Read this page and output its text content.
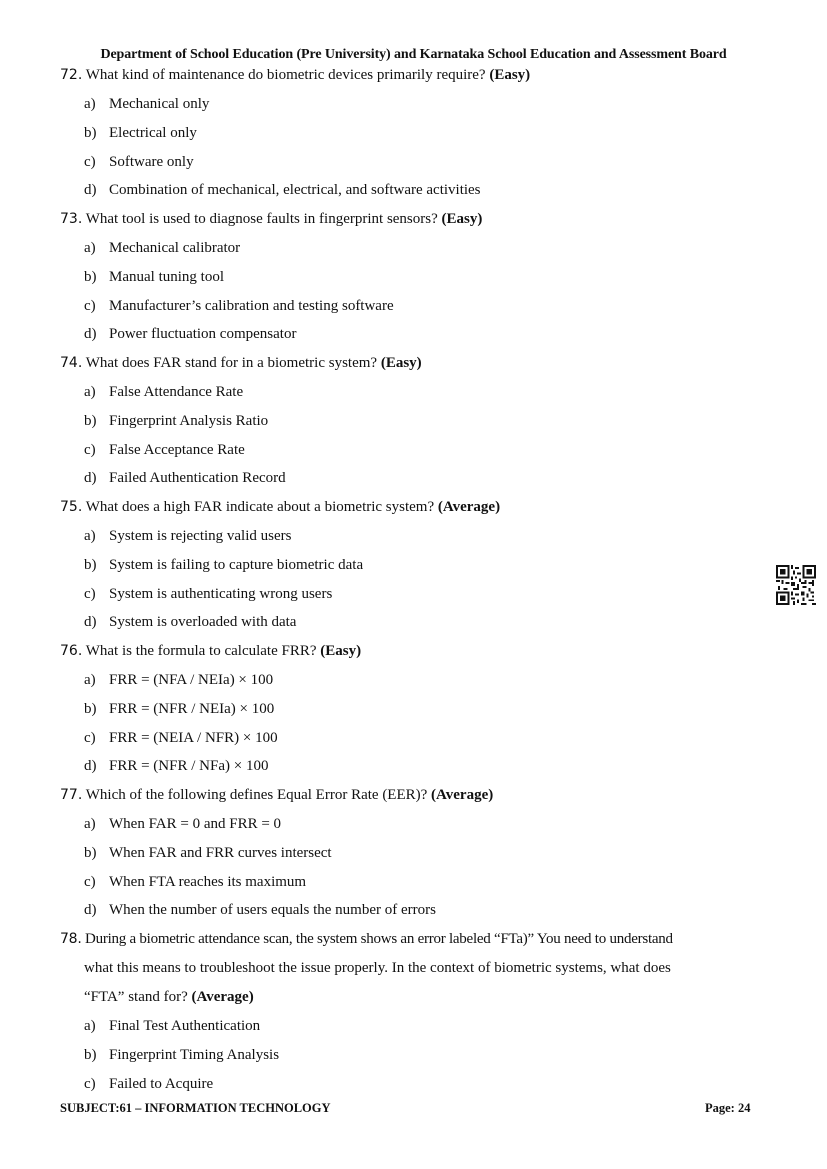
Department of School Education (Pre University) and Karnataka School Education and Assessment Board
72. What kind of maintenance do biometric devices primarily require? (Easy)
a) Mechanical only
b) Electrical only
c) Software only
d) Combination of mechanical, electrical, and software activities
73. What tool is used to diagnose faults in fingerprint sensors? (Easy)
a) Mechanical calibrator
b) Manual tuning tool
c) Manufacturer’s calibration and testing software
d) Power fluctuation compensator
74. What does FAR stand for in a biometric system? (Easy)
a) False Attendance Rate
b) Fingerprint Analysis Ratio
c) False Acceptance Rate
d) Failed Authentication Record
75. What does a high FAR indicate about a biometric system? (Average)
a) System is rejecting valid users
b) System is failing to capture biometric data
c) System is authenticating wrong users
d) System is overloaded with data
76. What is the formula to calculate FRR? (Easy)
a) FRR = (NFA / NEIa) × 100
b) FRR = (NFR / NEIa) × 100
c) FRR = (NEIA / NFR) × 100
d) FRR = (NFR / NFa) × 100
77. Which of the following defines Equal Error Rate (EER)? (Average)
a) When FAR = 0 and FRR = 0
b) When FAR and FRR curves intersect
c) When FTA reaches its maximum
d) When the number of users equals the number of errors
78. During a biometric attendance scan, the system shows an error labeled “FTa)” You need to understand
what this means to troubleshoot the issue properly. In the context of biometric systems, what does
“FTA” stand for? (Average)
a) Final Test Authentication
b) Fingerprint Timing Analysis
c) Failed to Acquire
SUBJECT:61 – INFORMATION TECHNOLOGY	Page: 24
